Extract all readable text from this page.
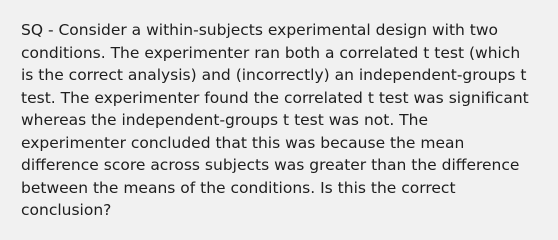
SQ - Consider a within-subjects experimental design with two
conditions. The experimenter ran both a correlated t test (which
is the correct analysis) and (incorrectly) an independent-groups t
test. The experimenter found the correlated t test was significant
whereas the independent-groups t test was not. The
experimenter concluded that this was because the mean
difference score across subjects was greater than the difference
between the means of the conditions. Is this the correct
conclusion?
